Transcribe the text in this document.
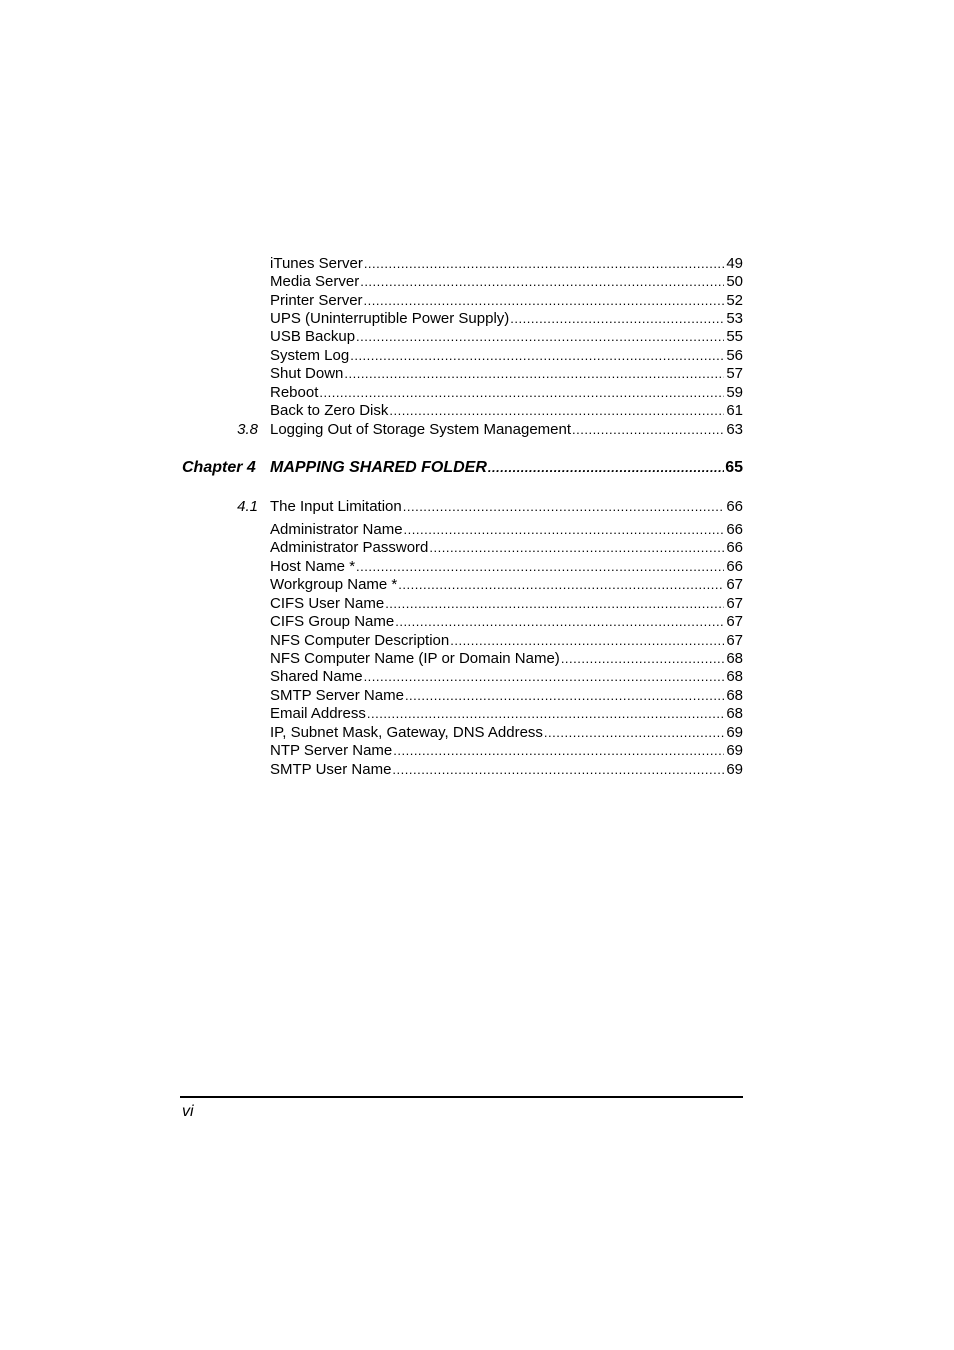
iTunes Server .....	49
Media Server .....	50
Printer Server .....	52
UPS (Uninterruptible Power Supply) .....	53
USB Backup .....	55
System Log .....	56
Shut Down .....	57
Reboot .....	59
Back to Zero Disk .....	61
3.8 Logging Out of Storage System Management .....	63
Chapter 4 MAPPING SHARED FOLDER .....	65
4.1 The Input Limitation .....	66
Administrator Name .....	66
Administrator Password .....	66
Host Name * .....	66
Workgroup Name * .....	67
CIFS User Name .....	67
CIFS Group Name .....	67
NFS Computer Description .....	67
NFS Computer Name (IP or Domain Name) .....	68
Shared Name .....	68
SMTP Server Name .....	68
Email Address .....	68
IP, Subnet Mask, Gateway, DNS Address .....	69
NTP Server Name .....	69
SMTP User Name .....	69
vi
